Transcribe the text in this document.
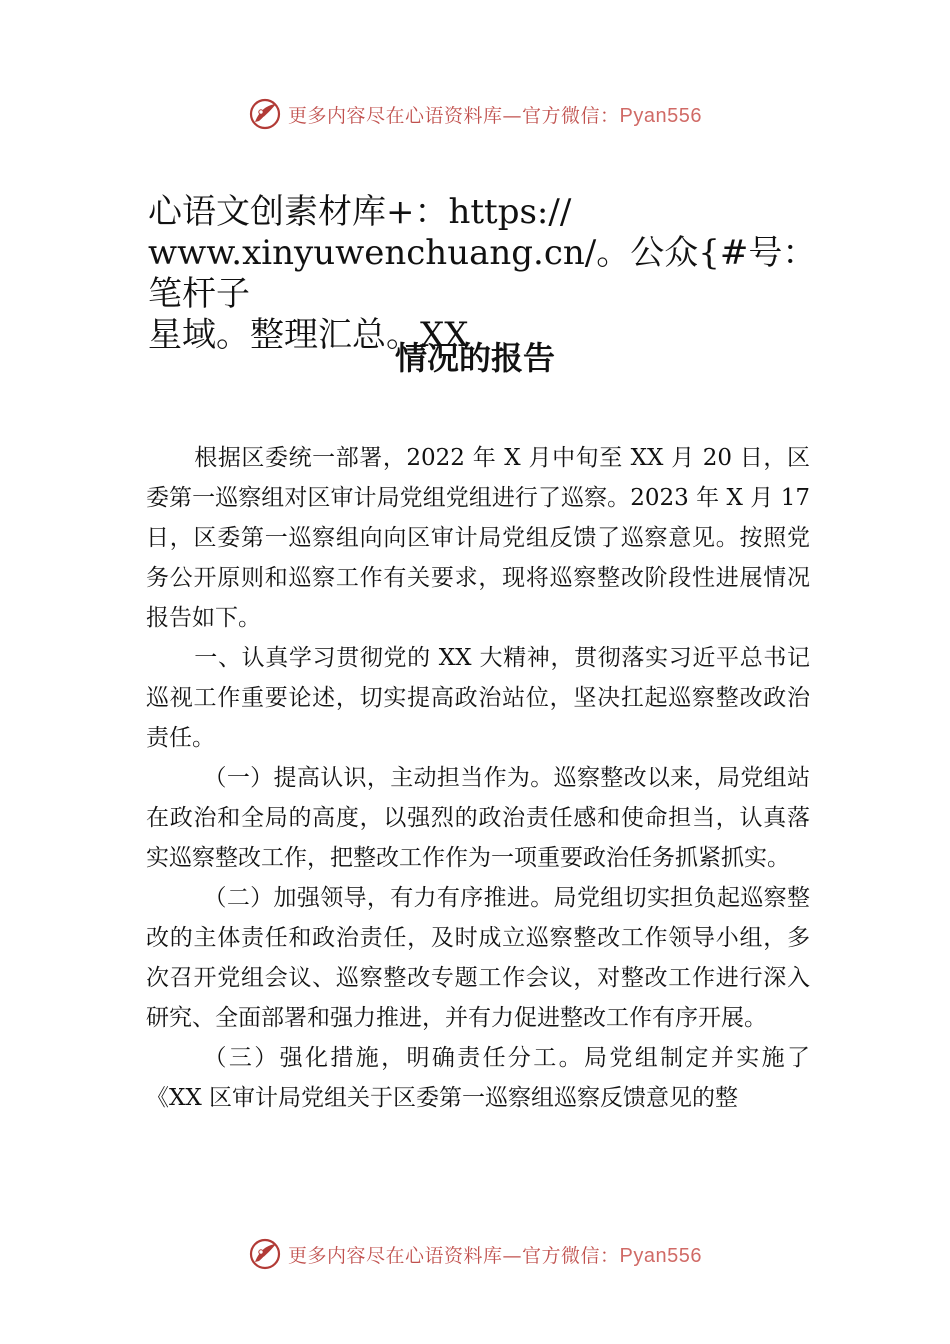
更多内容尽在心语资料库—官方微信：Pyan556
心语文创素材库+：https://
www.xinyuwenchuang.cn/。公众{#号：笔杆子
星域。整理汇总。XX
情况的报告

根据区委统一部署，2022 年 X 月中旬至 XX 月 20 日，区委第一巡察组对区审计局党组党组进行了巡察。2023 年 X 月 17 日，区委第一巡察组向向区审计局党组反馈了巡察意见。按照党务公开原则和巡察工作有关要求，现将巡察整改阶段性进展情况报告如下。

一、认真学习贯彻党的 XX 大精神，贯彻落实习近平总书记巡视工作重要论述，切实提高政治站位，坚决扛起巡察整改政治责任。

（一）提高认识，主动担当作为。巡察整改以来，局党组站在政治和全局的高度，以强烈的政治责任感和使命担当，认真落实巡察整改工作，把整改工作作为一项重要政治任务抓紧抓实。

（二）加强领导，有力有序推进。局党组切实担负起巡察整改的主体责任和政治责任，及时成立巡察整改工作领导小组，多次召开党组会议、巡察整改专题工作会议，对整改工作进行深入研究、全面部署和强力推进，并有力促进整改工作有序开展。

（三）强化措施，明确责任分工。局党组制定并实施了《XX 区审计局党组关于区委第一巡察组巡察反馈意见的整

更多内容尽在心语资料库—官方微信：Pyan556
